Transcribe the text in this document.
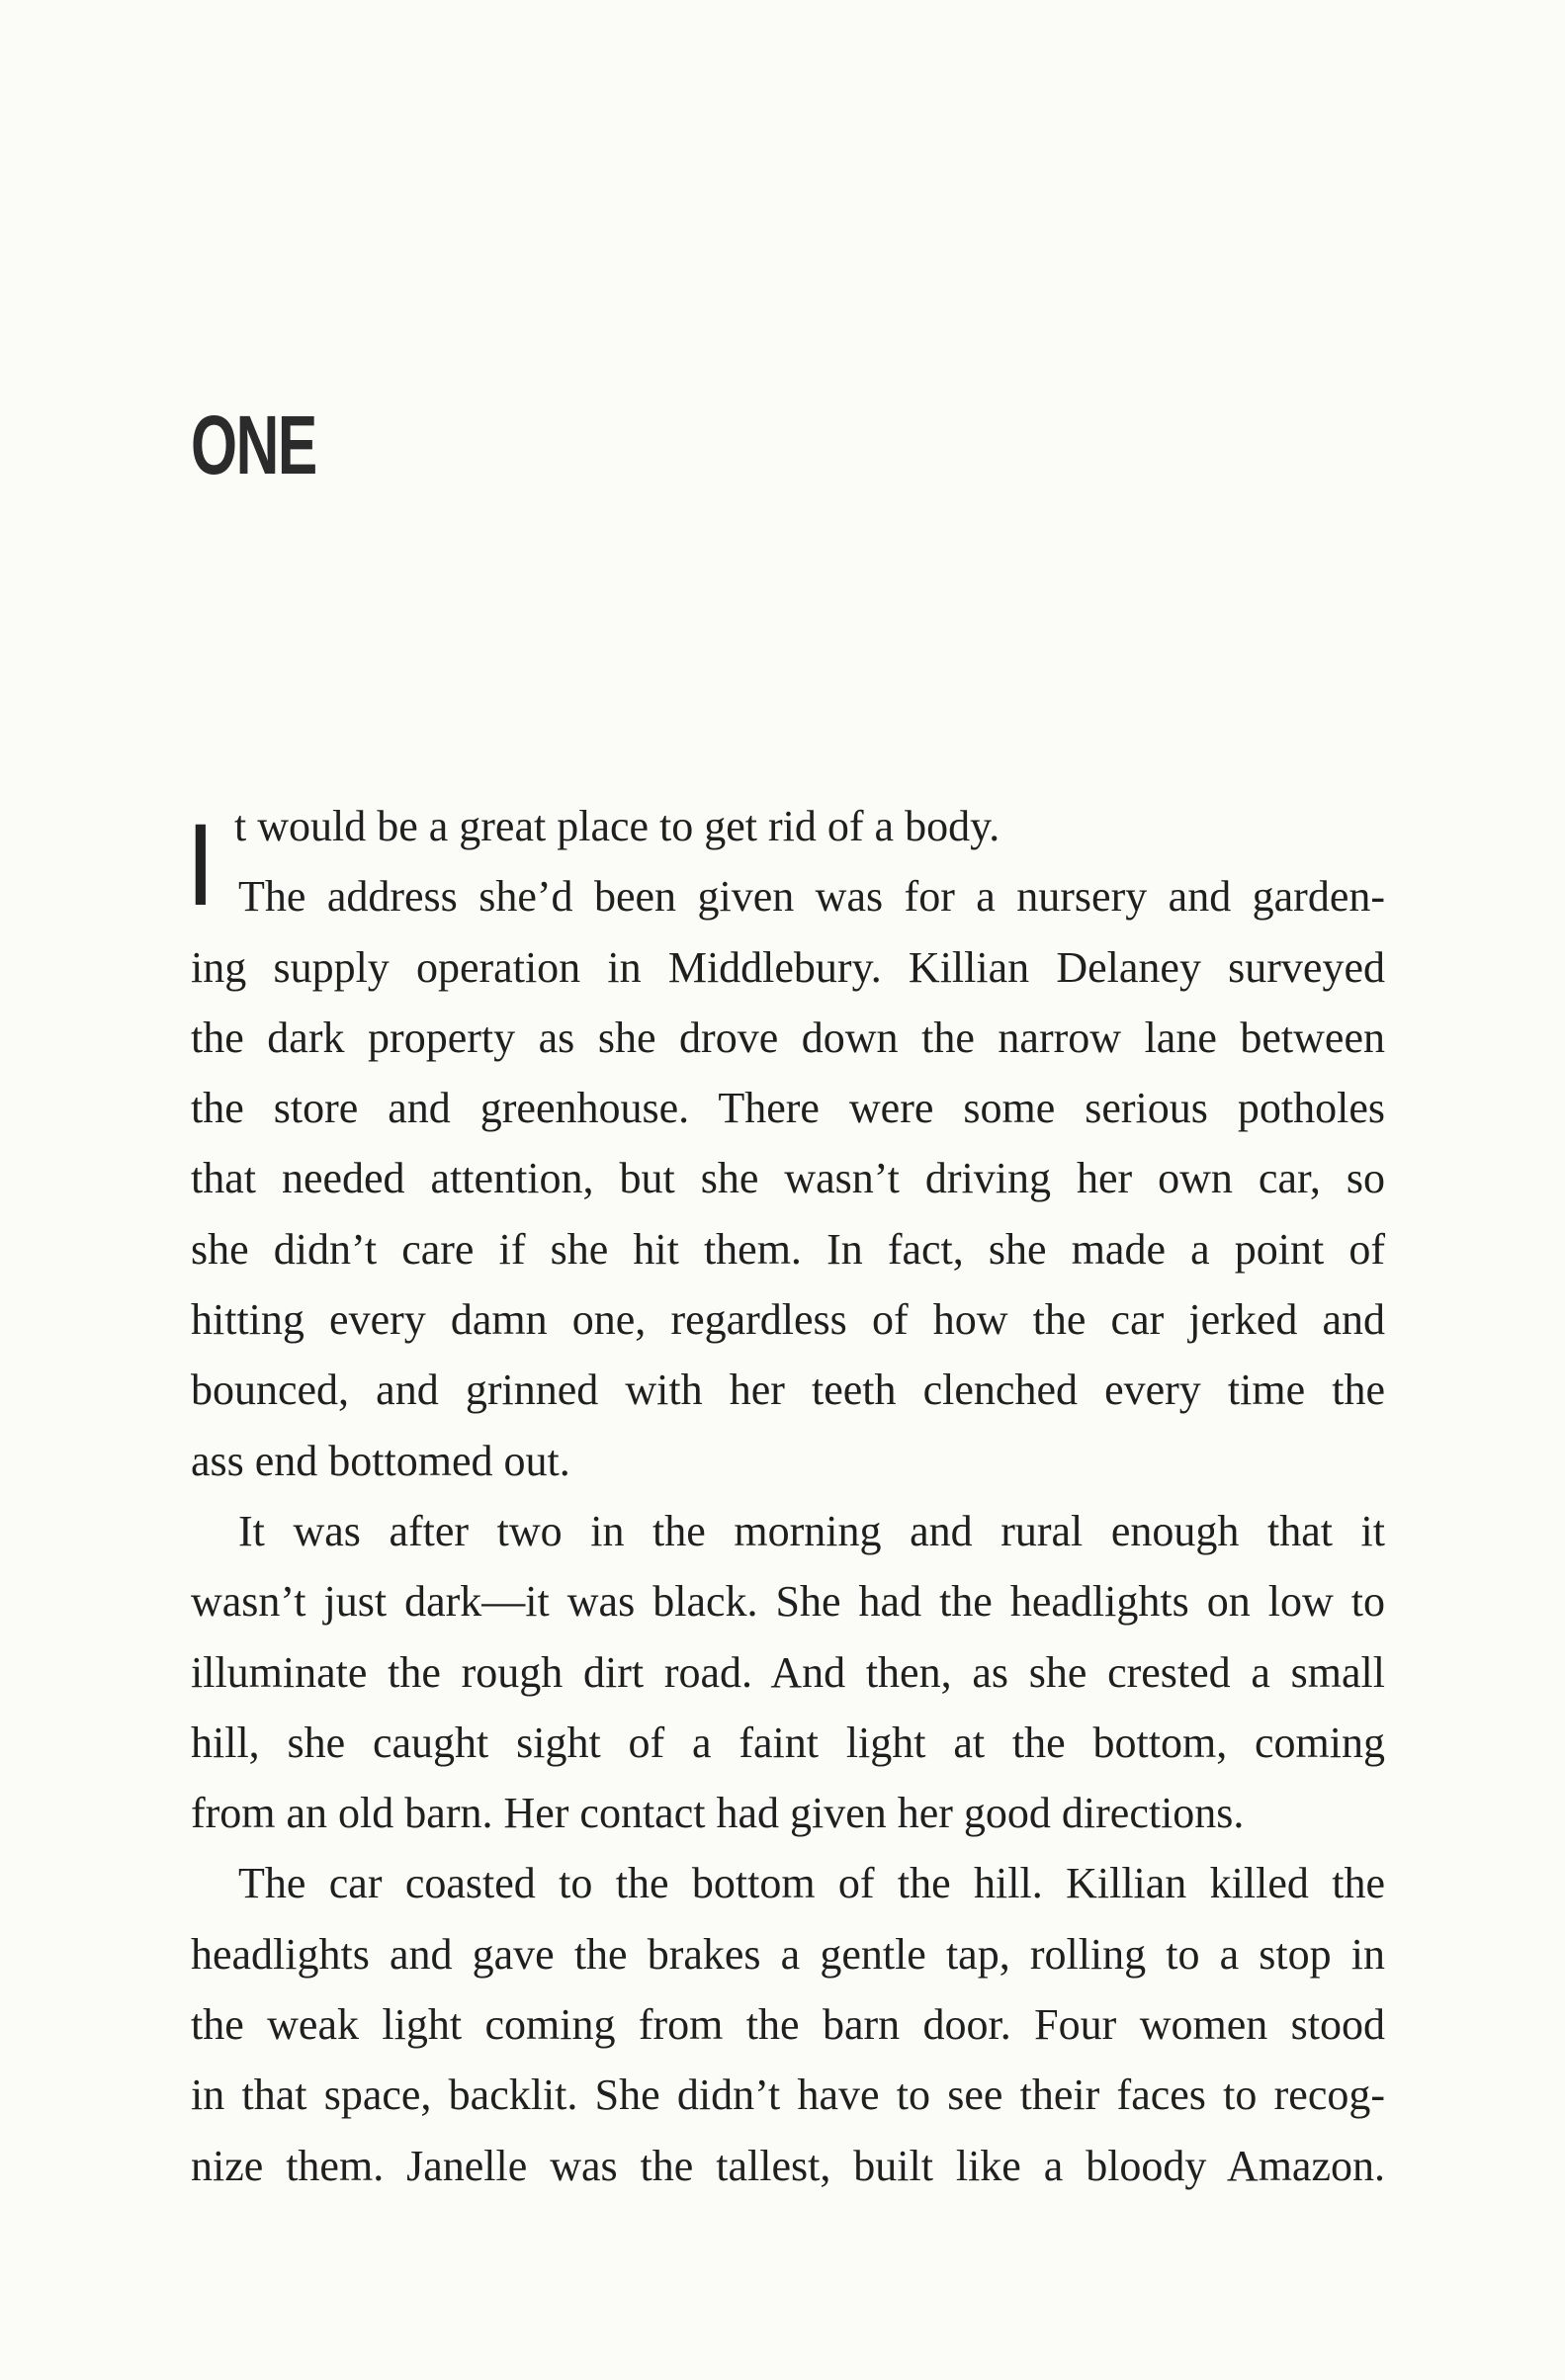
ONE
I t would be a great place to get rid of a body.

The address she’d been given was for a nursery and garden-
ing supply operation in Middlebury. Killian Delaney surveyed
the dark property as she drove down the narrow lane between
the store and greenhouse. There were some serious potholes
that needed attention, but she wasn’t driving her own car, so
she didn’t care if she hit them. In fact, she made a point of
hitting every damn one, regardless of how the car jerked and
bounced, and grinned with her teeth clenched every time the
ass end bottomed out.

It was after two in the morning and rural enough that it
wasn’t just dark—it was black. She had the headlights on low to
illuminate the rough dirt road. And then, as she crested a small
hill, she caught sight of a faint light at the bottom, coming
from an old barn. Her contact had given her good directions.

The car coasted to the bottom of the hill. Killian killed the
headlights and gave the brakes a gentle tap, rolling to a stop in
the weak light coming from the barn door. Four women stood
in that space, backlit. She didn’t have to see their faces to recog-
nize them. Janelle was the tallest, built like a bloody Amazon.
